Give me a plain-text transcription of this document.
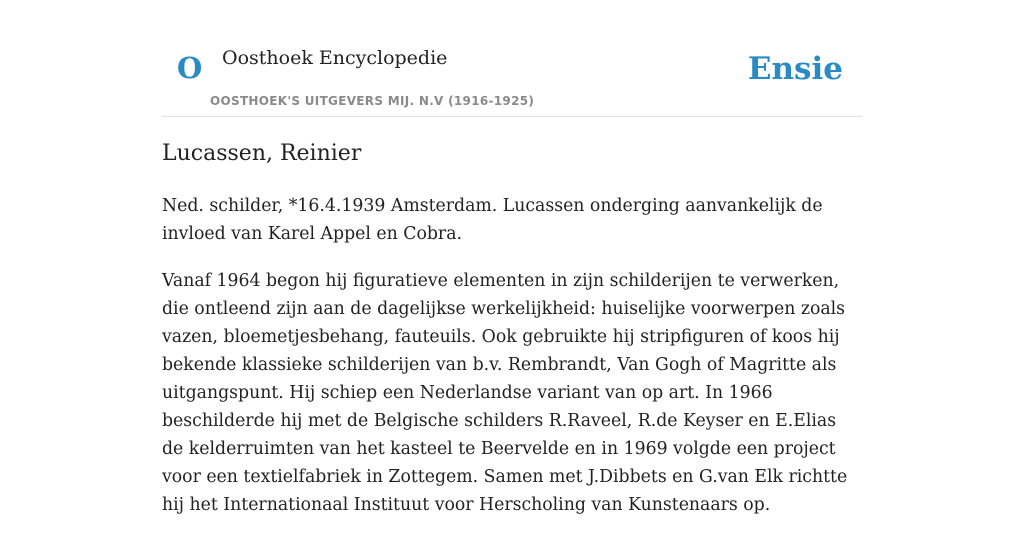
O Oosthoek Encyclopedie
OOSTHOEK'S UITGEVERS MIJ. N.V (1916-1925)
Ensie
Lucassen, Reinier

Ned. schilder, *16.4.1939 Amsterdam. Lucassen onderging aanvankelijk de invloed van Karel Appel en Cobra.

Vanaf 1964 begon hij figuratieve elementen in zijn schilderijen te verwerken, die ontleend zijn aan de dagelijkse werkelijkheid: huiselijke voorwerpen zoals vazen, bloemetjesbehang, fauteuils. Ook gebruikte hij stripfiguren of koos hij bekende klassieke schilderijen van b.v. Rembrandt, Van Gogh of Magritte als uitgangspunt. Hij schiep een Nederlandse variant van op art. In 1966 beschilderde hij met de Belgische schilders R.Raveel, R.de Keyser en E.Elias de kelderruimten van het kasteel te Beervelde en in 1969 volgde een project voor een textielfabriek in Zottegem. Samen met J.Dibbets en G.van Elk richtte hij het Internationaal Instituut voor Herscholing van Kunstenaars op.
